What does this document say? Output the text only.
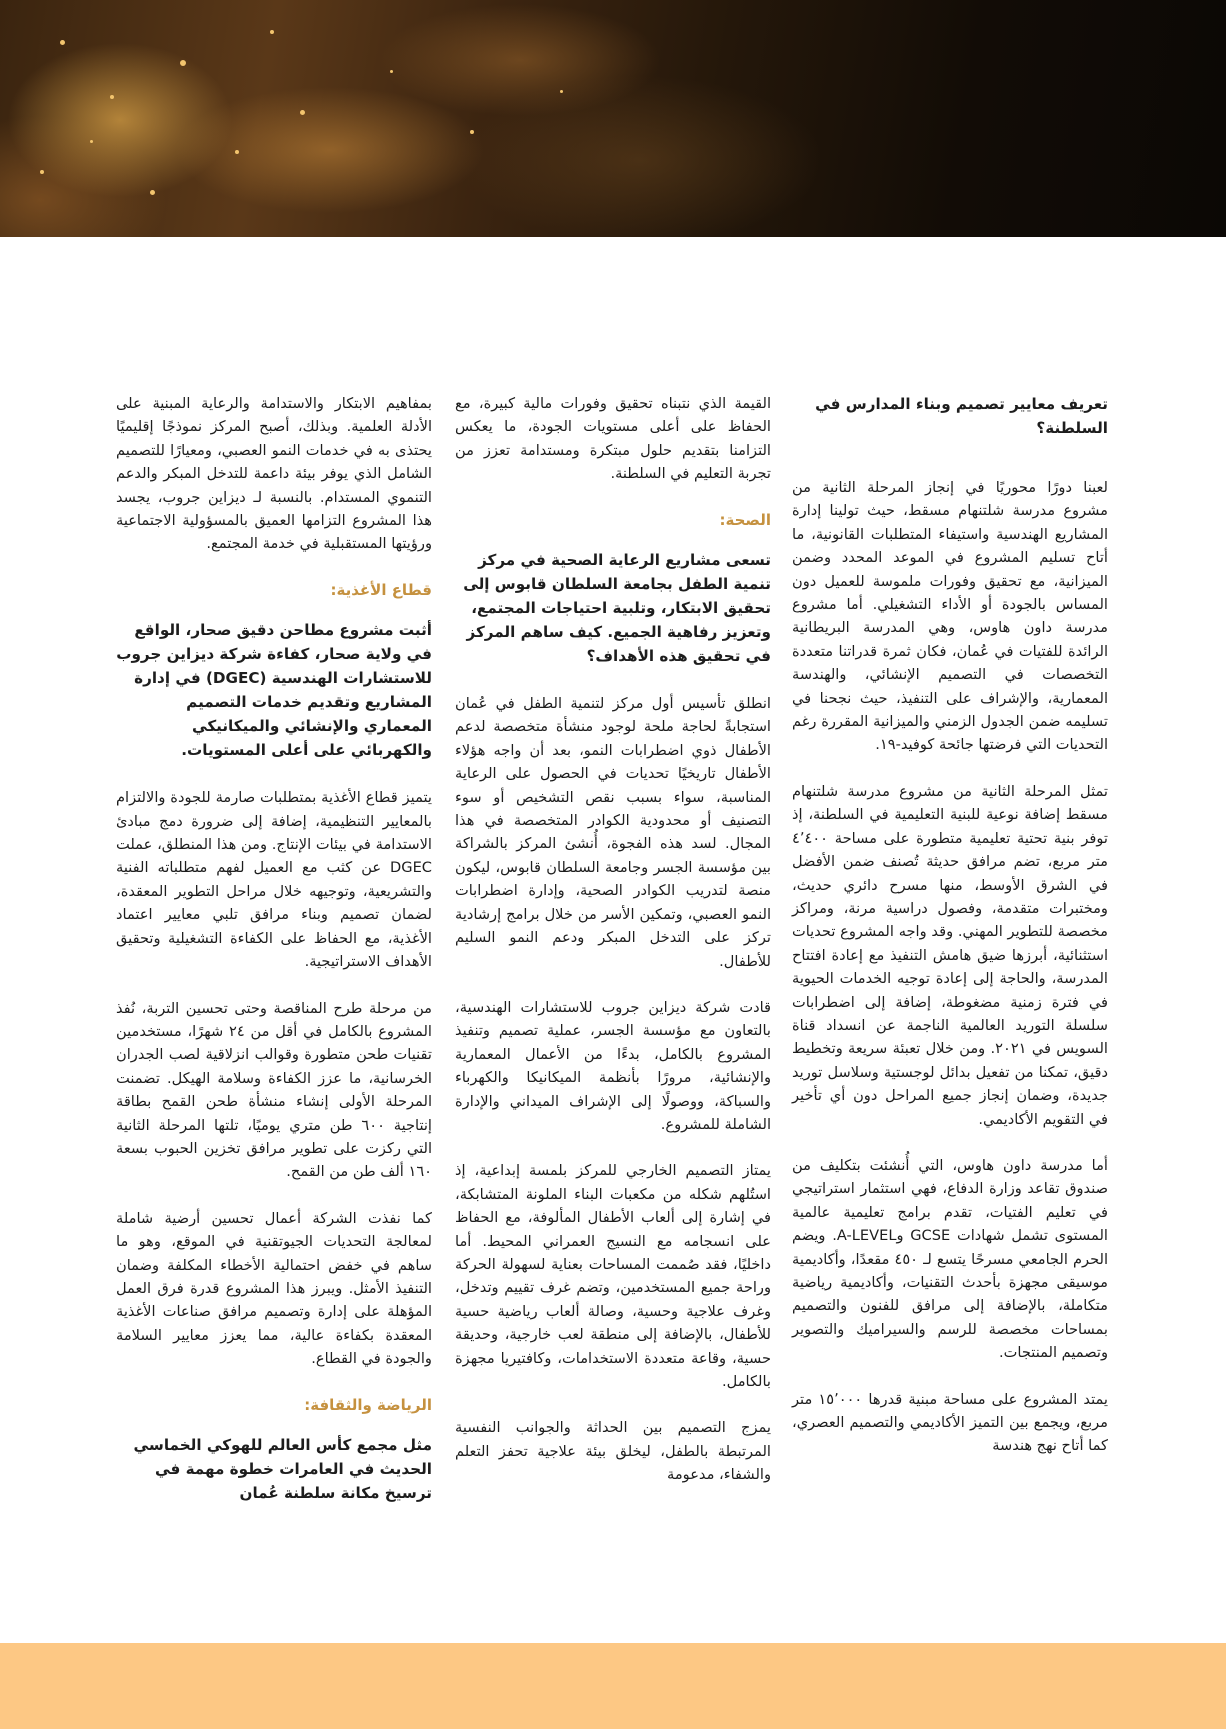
تعريف معايير تصميم وبناء المدارس في السلطنة؟

لعبنا دورًا محوريًا في إنجاز المرحلة الثانية من مشروع مدرسة شلتنهام مسقط، حيث تولينا إدارة المشاريع الهندسية واستيفاء المتطلبات القانونية، ما أتاح تسليم المشروع في الموعد المحدد وضمن الميزانية، مع تحقيق وفورات ملموسة للعميل دون المساس بالجودة أو الأداء التشغيلي. أما مشروع مدرسة داون هاوس، وهي المدرسة البريطانية الرائدة للفتيات في عُمان، فكان ثمرة قدراتنا متعددة التخصصات في التصميم الإنشائي، والهندسة المعمارية، والإشراف على التنفيذ، حيث نجحنا في تسليمه ضمن الجدول الزمني والميزانية المقررة رغم التحديات التي فرضتها جائحة كوفيد-١٩.

تمثل المرحلة الثانية من مشروع مدرسة شلتنهام مسقط إضافة نوعية للبنية التعليمية في السلطنة، إذ توفر بنية تحتية تعليمية متطورة على مساحة ٤٬٤٠٠ متر مربع، تضم مرافق حديثة تُصنف ضمن الأفضل في الشرق الأوسط، منها مسرح دائري حديث، ومختبرات متقدمة، وفصول دراسية مرنة، ومراكز مخصصة للتطوير المهني. وقد واجه المشروع تحديات استثنائية، أبرزها ضيق هامش التنفيذ مع إعادة افتتاح المدرسة، والحاجة إلى إعادة توجيه الخدمات الحيوية في فترة زمنية مضغوطة، إضافة إلى اضطرابات سلسلة التوريد العالمية الناجمة عن انسداد قناة السويس في ٢٠٢١. ومن خلال تعبئة سريعة وتخطيط دقيق، تمكنا من تفعيل بدائل لوجستية وسلاسل توريد جديدة، وضمان إنجاز جميع المراحل دون أي تأخير في التقويم الأكاديمي.

أما مدرسة داون هاوس، التي أُنشئت بتكليف من صندوق تقاعد وزارة الدفاع، فهي استثمار استراتيجي في تعليم الفتيات، تقدم برامج تعليمية عالمية المستوى تشمل شهادات GCSE وA-LEVEL. ويضم الحرم الجامعي مسرحًا يتسع لـ ٤٥٠ مقعدًا، وأكاديمية موسيقى مجهزة بأحدث التقنيات، وأكاديمية رياضية متكاملة، بالإضافة إلى مرافق للفنون والتصميم بمساحات مخصصة للرسم والسيراميك والتصوير وتصميم المنتجات.

يمتد المشروع على مساحة مبنية قدرها ١٥٬٠٠٠ متر مربع، ويجمع بين التميز الأكاديمي والتصميم العصري، كما أتاح نهج هندسة

القيمة الذي نتبناه تحقيق وفورات مالية كبيرة، مع الحفاظ على أعلى مستويات الجودة، ما يعكس التزامنا بتقديم حلول مبتكرة ومستدامة تعزز من تجربة التعليم في السلطنة.

الصحة:

تسعى مشاريع الرعاية الصحية في مركز تنمية الطفل بجامعة السلطان قابوس إلى تحقيق الابتكار، وتلبية احتياجات المجتمع، وتعزيز رفاهية الجميع. كيف ساهم المركز في تحقيق هذه الأهداف؟

انطلق تأسيس أول مركز لتنمية الطفل في عُمان استجابةً لحاجة ملحة لوجود منشأة متخصصة لدعم الأطفال ذوي اضطرابات النمو، بعد أن واجه هؤلاء الأطفال تاريخيًا تحديات في الحصول على الرعاية المناسبة، سواء بسبب نقص التشخيص أو سوء التصنيف أو محدودية الكوادر المتخصصة في هذا المجال. لسد هذه الفجوة، أُنشئ المركز بالشراكة بين مؤسسة الجسر وجامعة السلطان قابوس، ليكون منصة لتدريب الكوادر الصحية، وإدارة اضطرابات النمو العصبي، وتمكين الأسر من خلال برامج إرشادية تركز على التدخل المبكر ودعم النمو السليم للأطفال.

قادت شركة ديزاين جروب للاستشارات الهندسية، بالتعاون مع مؤسسة الجسر، عملية تصميم وتنفيذ المشروع بالكامل، بدءًا من الأعمال المعمارية والإنشائية، مرورًا بأنظمة الميكانيكا والكهرباء والسباكة، ووصولًا إلى الإشراف الميداني والإدارة الشاملة للمشروع.

يمتاز التصميم الخارجي للمركز بلمسة إبداعية، إذ استُلهم شكله من مكعبات البناء الملونة المتشابكة، في إشارة إلى ألعاب الأطفال المألوفة، مع الحفاظ على انسجامه مع النسيج العمراني المحيط. أما داخليًا، فقد صُممت المساحات بعناية لسهولة الحركة وراحة جميع المستخدمين، وتضم غرف تقييم وتدخل، وغرف علاجية وحسية، وصالة ألعاب رياضية حسية للأطفال، بالإضافة إلى منطقة لعب خارجية، وحديقة حسية، وقاعة متعددة الاستخدامات، وكافتيريا مجهزة بالكامل.

يمزج التصميم بين الحداثة والجوانب النفسية المرتبطة بالطفل، ليخلق بيئة علاجية تحفز التعلم والشفاء، مدعومة

بمفاهيم الابتكار والاستدامة والرعاية المبنية على الأدلة العلمية. وبذلك، أصبح المركز نموذجًا إقليميًا يحتذى به في خدمات النمو العصبي، ومعيارًا للتصميم الشامل الذي يوفر بيئة داعمة للتدخل المبكر والدعم التنموي المستدام. بالنسبة لـ ديزاين جروب، يجسد هذا المشروع التزامها العميق بالمسؤولية الاجتماعية ورؤيتها المستقبلية في خدمة المجتمع.

قطاع الأغذية:

أثبت مشروع مطاحن دقيق صحار، الواقع في ولاية صحار، كفاءة شركة ديزاين جروب للاستشارات الهندسية (DGEC) في إدارة المشاريع وتقديم خدمات التصميم المعماري والإنشائي والميكانيكي والكهربائي على أعلى المستويات.

يتميز قطاع الأغذية بمتطلبات صارمة للجودة والالتزام بالمعايير التنظيمية، إضافة إلى ضرورة دمج مبادئ الاستدامة في بيئات الإنتاج. ومن هذا المنطلق، عملت DGEC عن كثب مع العميل لفهم متطلباته الفنية والتشريعية، وتوجيهه خلال مراحل التطوير المعقدة، لضمان تصميم وبناء مرافق تلبي معايير اعتماد الأغذية، مع الحفاظ على الكفاءة التشغيلية وتحقيق الأهداف الاستراتيجية.

من مرحلة طرح المناقصة وحتى تحسين التربة، نُفذ المشروع بالكامل في أقل من ٢٤ شهرًا، مستخدمين تقنيات طحن متطورة وقوالب انزلاقية لصب الجدران الخرسانية، ما عزز الكفاءة وسلامة الهيكل. تضمنت المرحلة الأولى إنشاء منشأة طحن القمح بطاقة إنتاجية ٦٠٠ طن متري يوميًا، تلتها المرحلة الثانية التي ركزت على تطوير مرافق تخزين الحبوب بسعة ١٦٠ ألف طن من القمح.

كما نفذت الشركة أعمال تحسين أرضية شاملة لمعالجة التحديات الجيوتقنية في الموقع، وهو ما ساهم في خفض احتمالية الأخطاء المكلفة وضمان التنفيذ الأمثل. ويبرز هذا المشروع قدرة فرق العمل المؤهلة على إدارة وتصميم مرافق صناعات الأغذية المعقدة بكفاءة عالية، مما يعزز معايير السلامة والجودة في القطاع.

الرياضة والثقافة:

مثل مجمع كأس العالم للهوكي الخماسي الحديث في العامرات خطوة مهمة في ترسيخ مكانة سلطنة عُمان
